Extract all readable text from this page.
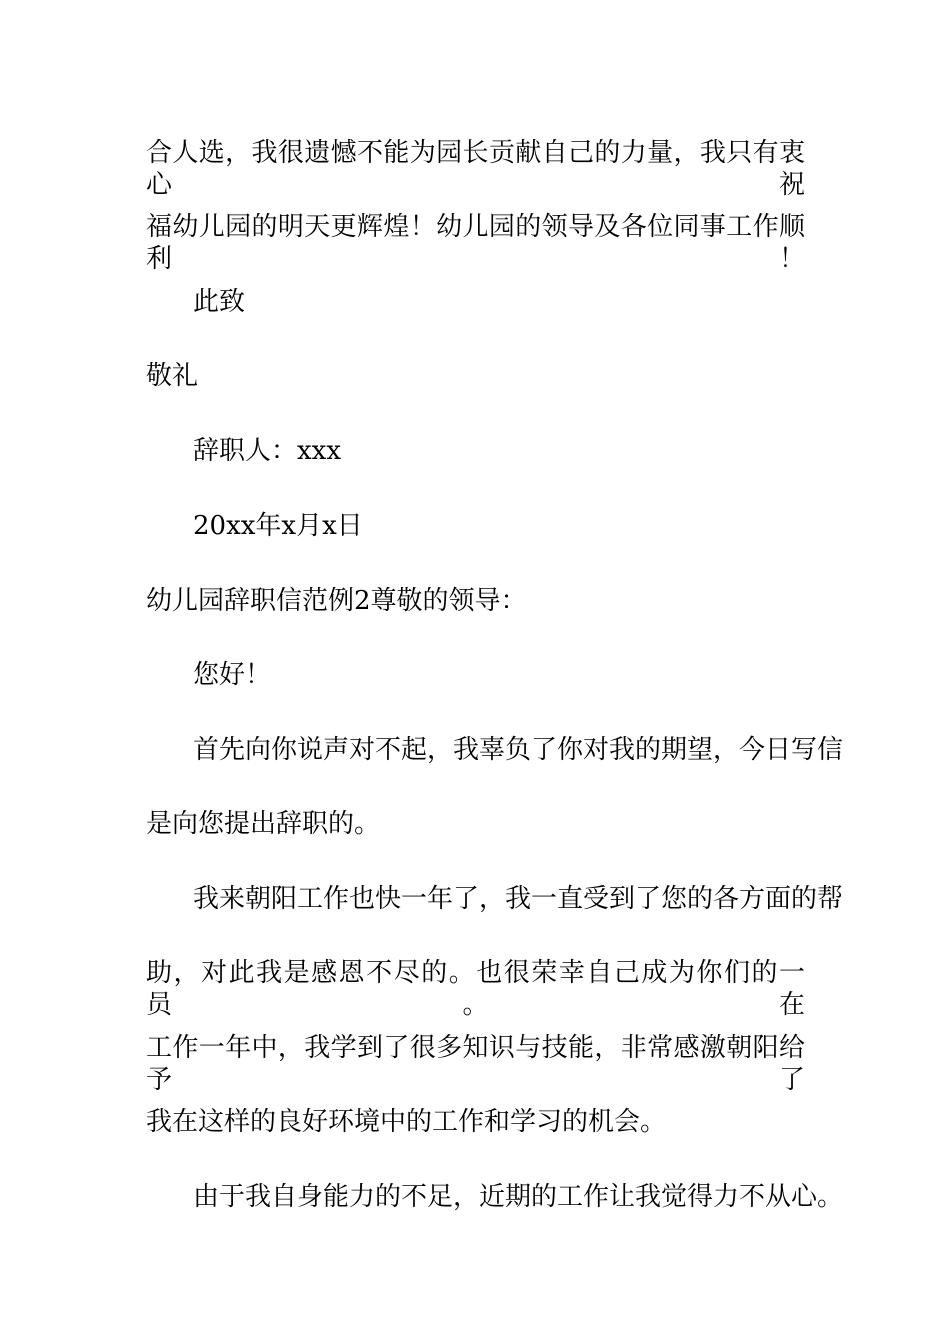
合人选，我很遗憾不能为园长贡献自己的力量，我只有衷心祝

福幼儿园的明天更辉煌！幼儿园的领导及各位同事工作顺利！

此致

敬礼

辞职人：xxx

20xx年x月x日

幼儿园辞职信范例2尊敬的领导：

您好！

首先向你说声对不起，我辜负了你对我的期望，今日写信

是向您提出辞职的。

我来朝阳工作也快一年了，我一直受到了您的各方面的帮

助，对此我是感恩不尽的。也很荣幸自己成为你们的一员。在

工作一年中，我学到了很多知识与技能，非常感激朝阳给予了

我在这样的良好环境中的工作和学习的机会。

由于我自身能力的不足，近期的工作让我觉得力不从心。
